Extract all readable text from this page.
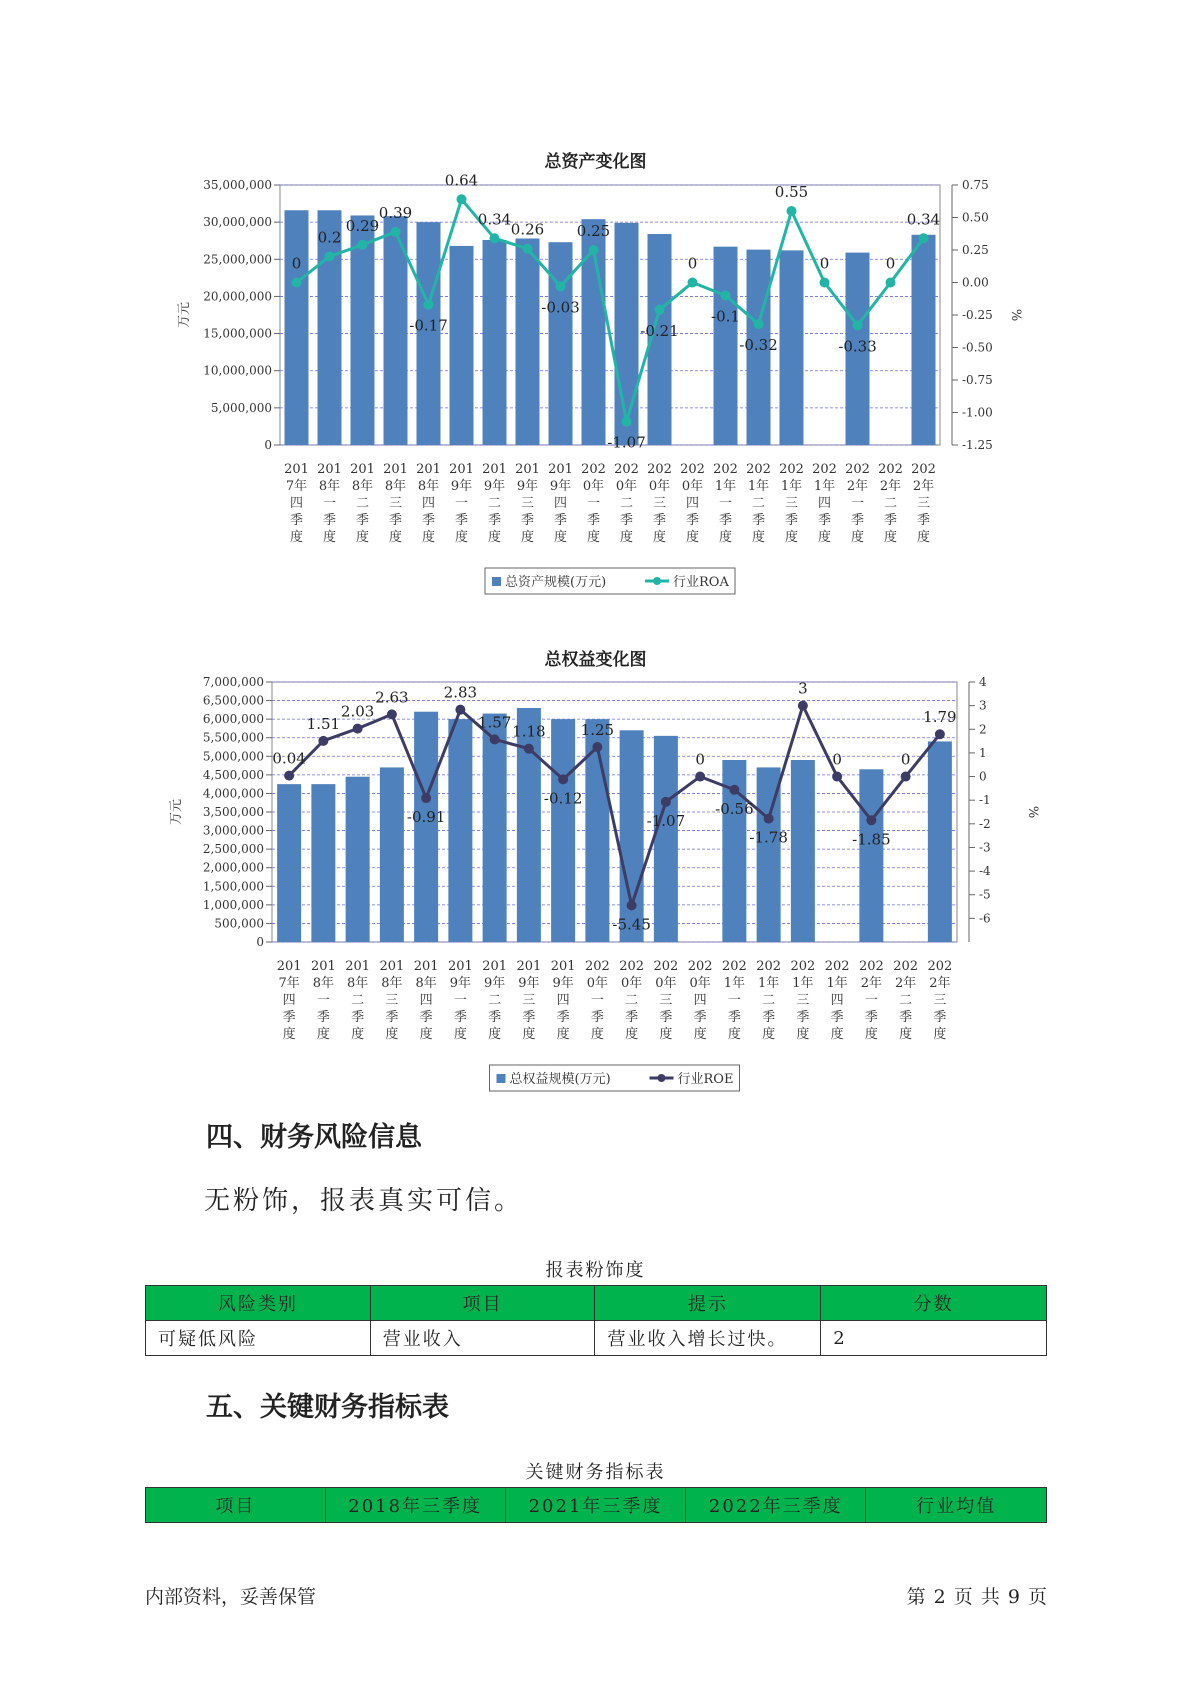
总资产变化图
0
5,000,000
10,000,000
15,000,000
20,000,000
25,000,000
30,000,000
35,000,000
-1.25
-1.00
-0.75
-0.50
-0.25
0.00
0.25
0.50
0.75
万元	%
201 7年四季度
201 8年一季度
201 8年二季度
201 8年三季度
201 8年四季度
201 9年一季度
201 9年二季度
201 9年三季度
201 9年四季度
202 0年一季度
202 0年二季度
202 0年三季度
202 0年四季度
202 1年一季度
202 1年二季度
202 1年三季度
202 1年四季度
202 2年一季度
202 2年二季度
202 2年三季度
0
0.2
0.29
0.39
-0.17
0.64
0.34
0.26
-0.03
0.25
-1.07
-0.21
0
-0.1
-0.32
0.55
0
-0.33
0
0.34
总资产规模(万元)	行业ROA
总权益变化图
0
500,000
1,000,000
1,500,000
2,000,000
2,500,000
3,000,000
3,500,000
4,000,000
4,500,000
5,000,000
5,500,000
6,000,000
6,500,000
7,000,000
-6
-5
-4
-3
-2
-1
0
1
2
3
4
万元	%
201 7年四季度
201 8年一季度
201 8年二季度
201 8年三季度
201 8年四季度
201 9年一季度
201 9年二季度
201 9年三季度
201 9年四季度
202 0年一季度
202 0年二季度
202 0年三季度
202 0年四季度
202 1年一季度
202 1年二季度
202 1年三季度
202 1年四季度
202 2年一季度
202 2年二季度
202 2年三季度
0.04
1.51
2.03
2.63
-0.91
2.83
1.57
1.18
-0.12
1.25
-5.45
-1.07
0
-0.56
-1.78
3
0
-1.85
0
1.79
总权益规模(万元)	行业ROE
四、财务风险信息
无粉饰，报表真实可信。
报表粉饰度
风险类别	项目	提示	分数
可疑低风险	营业收入	营业收入增长过快。	2
五、关键财务指标表
关键财务指标表
项目	2018年三季度	2021年三季度	2022年三季度	行业均值
内部资料，妥善保管	第 2 页 共 9 页
